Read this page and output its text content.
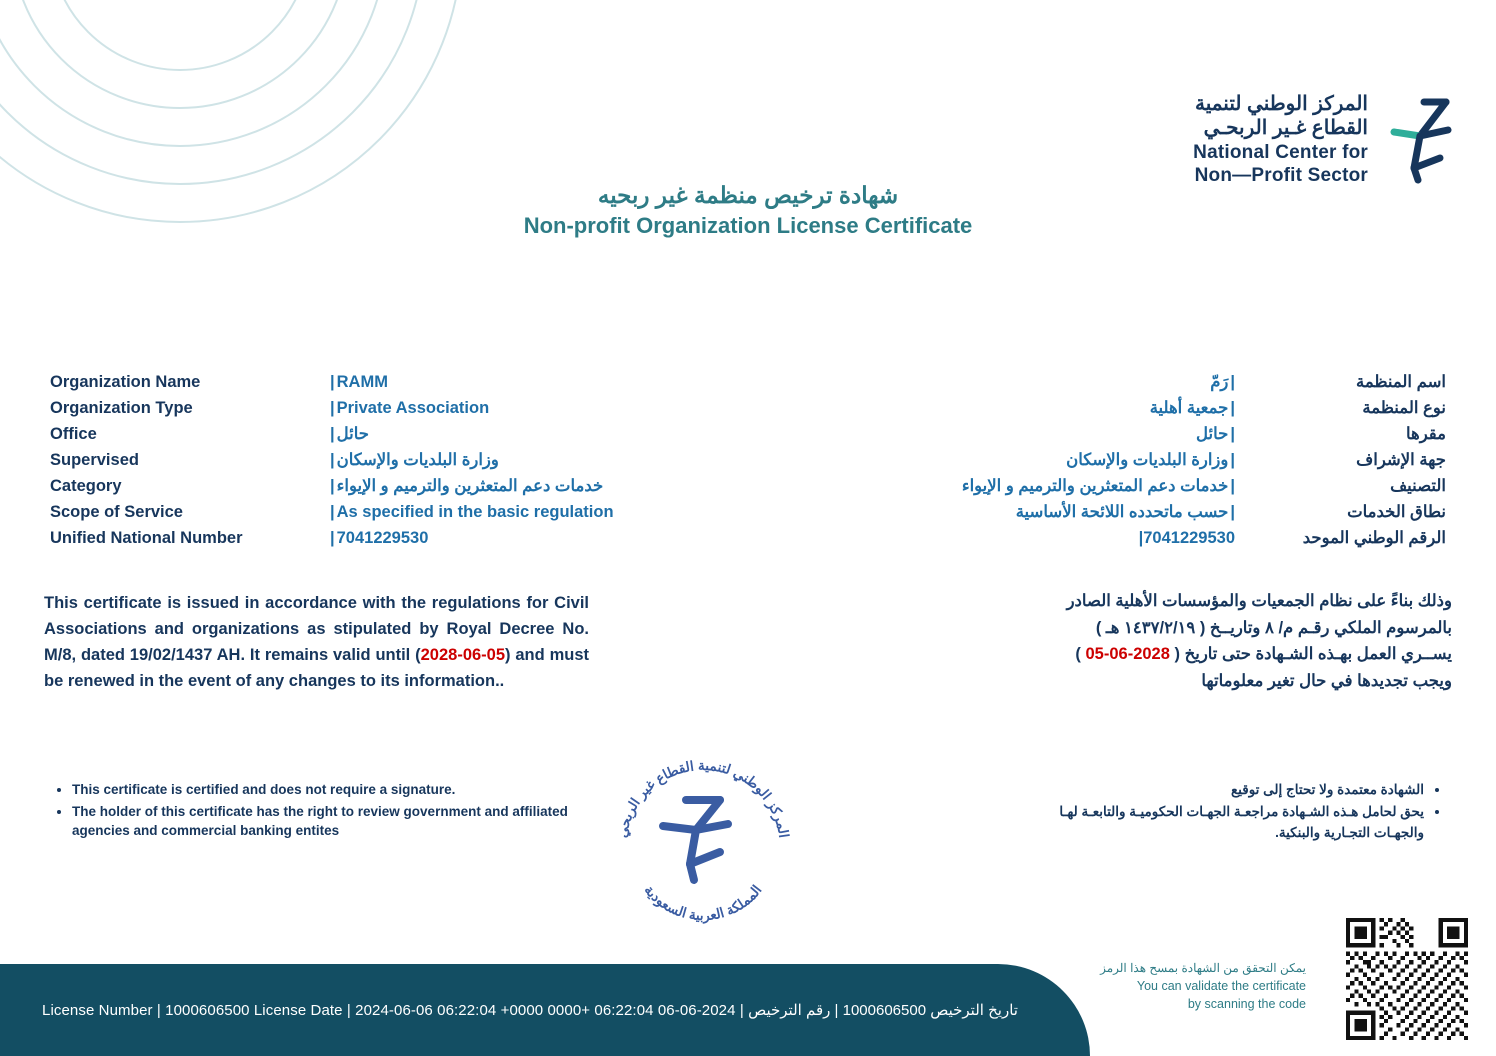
المركز الوطني لتنمية
القطاع غـير الربحـي
National Center for
Non—Profit Sector
شهادة ترخيص منظمة غير ربحيه
Non-profit Organization License Certificate
Organization Name	| RAMM	| رَمّ	اسم المنظمة
Organization Type	| Private Association	| جمعية أهلية	نوع المنظمة
Office	| حائل	| حائل	مقرها
Supervised	| وزارة البلديات والإسكان	| وزارة البلديات والإسكان	جهة الإشراف
Category	| خدمات دعم المتعثرين والترميم و الإيواء	| خدمات دعم المتعثرين والترميم و الإيواء	التصنيف
Scope of Service	| As specified in the basic regulation	| حسب ماتحدده اللائحة الأساسية	نطاق الخدمات
Unified National Number	| 7041229530	| 7041229530	الرقم الوطني الموحد
This certificate is issued in accordance with the regulations for Civil Associations and organizations as stipulated by Royal Decree No. M/8, dated 19/02/1437 AH. It remains valid until (2028-06-05) and must be renewed in the event of any changes to its information..
وذلك بناءً على نظام الجمعيات والمؤسسات الأهلية الصادر
بالمرسوم الملكي رقـم م/ ٨ وتاريــخ ( ١٤٣٧/٢/١٩ هـ )
يســري العمل بهـذه الشـهادة حتى تاريخ ( 05-06-2028 )
ويجب تجديدها في حال تغير معلوماتها
• This certificate is certified and does not require a signature.
• The holder of this certificate has the right to review government and affiliated agencies and commercial banking entites
• الشهادة معتمدة ولا تحتاج إلى توقيع
• يحق لحامل هـذه الشـهادة مراجعـة الجهـات الحكوميـة والتابعـة لهـا والجهـات التجـارية والبنكية.
المركز الوطني لتنمية القطاع غير الربحي
المملكة العربية السعودية
License Number | 1000606500 License Date | 2024-06-06 06:22:04 +0000 0000+ 06:22:04 06-06-2024 | تاريخ الترخيص 1000606500 | رقم الترخيص
يمكن التحقق من الشهادة بمسح هذا الرمز
You can validate the certificate
by scanning the code
